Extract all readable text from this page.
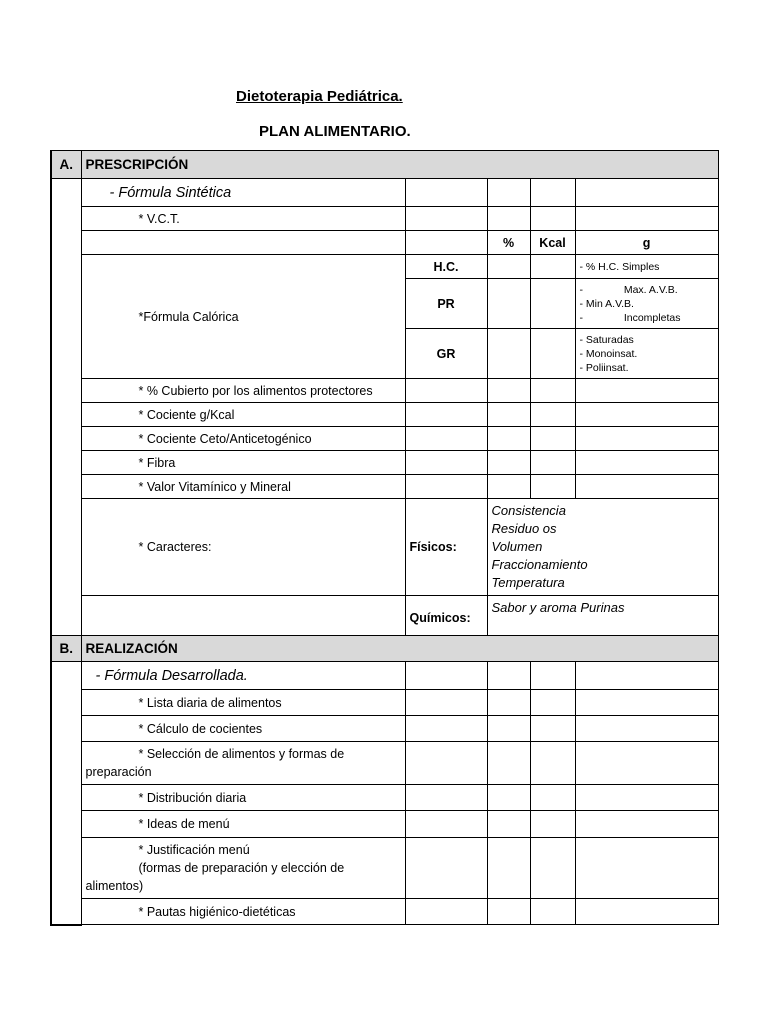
Dietoterapia Pediátrica.
PLAN ALIMENTARIO.
A.	PRESCRIPCIÓN				
	- Fórmula Sintética				
	* V.C.T.				
			%	Kcal	g
	*Fórmula Calórica	H.C.			- % H.C. Simples

		PR			-              Max. A.V.B.
- Min A.V.B.
-              Incompletas

		GR			- Saturadas
- Monoinsat.
- Poliinsat.

	* % Cubierto por los alimentos protectores				
	* Cociente g/Kcal				
	* Cociente Ceto/Anticetogénico				
	* Fibra				
	* Valor Vitamínico y Mineral				
	* Caracteres:	Físicos:	Consistencia
Residuo os
Volumen
Fraccionamiento
Temperatura		

		Químicos:	Sabor y aroma Purinas		
B.	REALIZACIÓN				
	- Fórmula Desarrollada.				
	* Lista diaria de alimentos				
	* Cálculo de cocientes				

	* Selección de alimentos y formas de
preparación				

	* Distribución diaria				
	* Ideas de menú				

	* Justificación menú
(formas de preparación y elección de
alimentos)				

	* Pautas higiénico-dietéticas				
